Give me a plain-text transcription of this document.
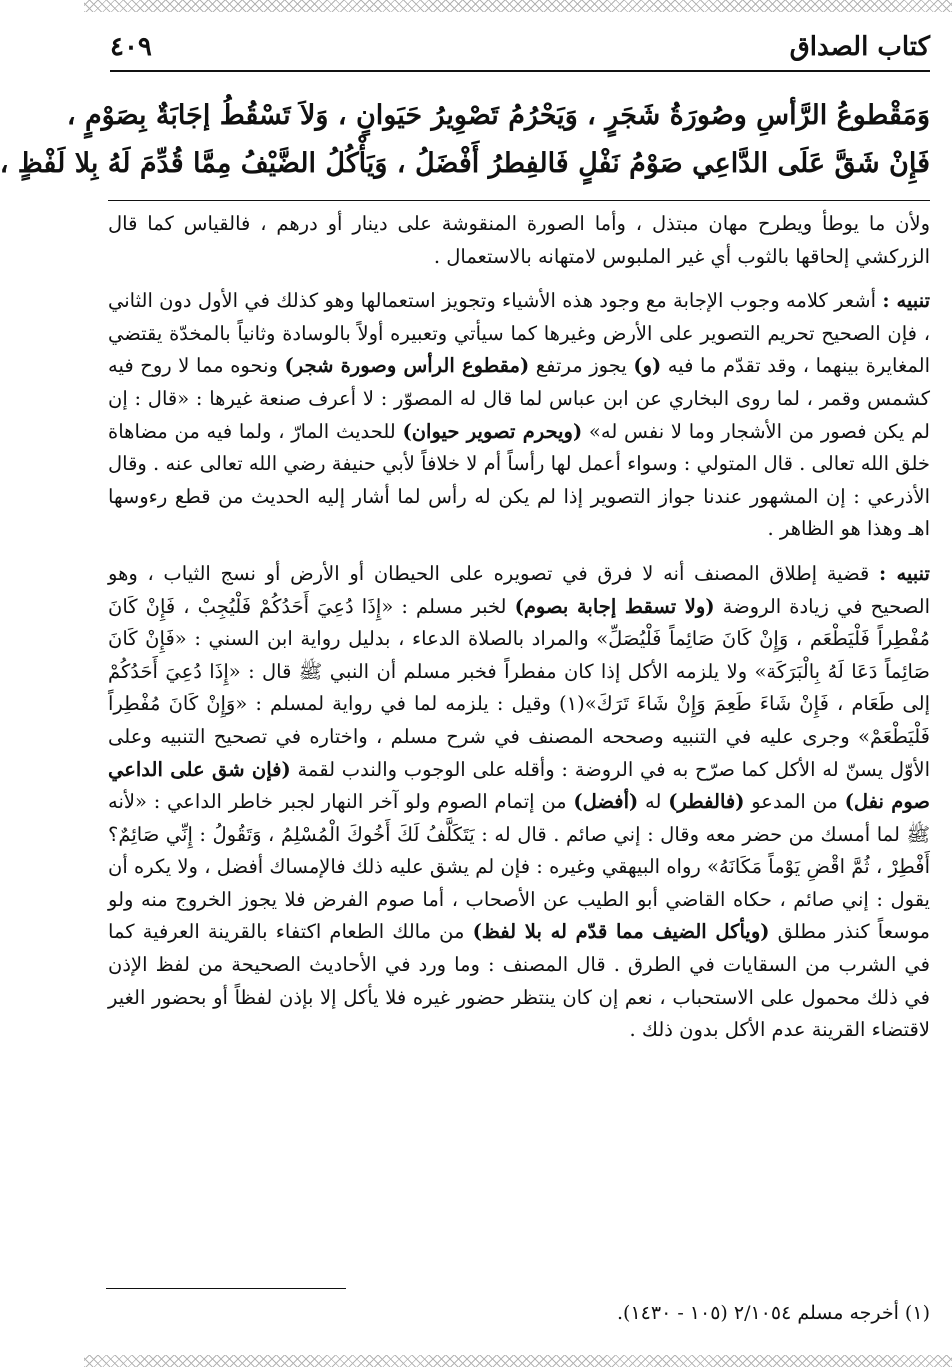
كتاب الصداق
٤٠٩
وَمَقْطوعُ الرَّأسِ وصُورَةُ شَجَرٍ ، وَيَحْرُمُ تَصْوِيرُ حَيَوانٍ ، وَلاَ تَسْقُطُ إجَابَةٌ بِصَوْمٍ ،
فَإِنْ شَقَّ عَلَى الدَّاعِي صَوْمُ نَفْلٍ فَالفِطرُ أَفْضَلُ ، وَيَأْكُلُ الضَّيْفُ مِمَّا قُدِّمَ لَهُ بِلا لَفْظٍ ،

ولأن ما يوطأ ويطرح مهان مبتذل ، وأما الصورة المنقوشة على دينار أو درهم ، فالقياس كما قال الزركشي إلحاقها بالثوب أي غير الملبوس لامتهانه بالاستعمال .

تنبيه : أشعر كلامه وجوب الإجابة مع وجود هذه الأشياء وتجويز استعمالها وهو كذلك في الأول دون الثاني ، فإن الصحيح تحريم التصوير على الأرض وغيرها كما سيأتي وتعبيره أولاً بالوسادة وثانياً بالمخدّة يقتضي المغايرة بينهما ، وقد تقدّم ما فيه (و) يجوز مرتفع (مقطوع الرأس وصورة شجر) ونحوه مما لا روح فيه كشمس وقمر ، لما روى البخاري عن ابن عباس لما قال له المصوّر : لا أعرف صنعة غيرها : «قال : إن لم يكن فصور من الأشجار وما لا نفس له» (ويحرم تصوير حيوان) للحديث المارّ ، ولما فيه من مضاهاة خلق الله تعالى . قال المتولي : وسواء أعمل لها رأساً أم لا خلافاً لأبي حنيفة رضي الله تعالى عنه . وقال الأذرعي : إن المشهور عندنا جواز التصوير إذا لم يكن له رأس لما أشار إليه الحديث من قطع رءوسها اهـ وهذا هو الظاهر .

تنبيه : قضية إطلاق المصنف أنه لا فرق في تصويره على الحيطان أو الأرض أو نسج الثياب ، وهو الصحيح في زيادة الروضة (ولا تسقط إجابة بصوم) لخبر مسلم : «إِذَا دُعِيَ أَحَدُكُمْ فَلْيُجِبْ ، فَإِنْ كَانَ مُفْطِراً فَلْيَطْعَم ، وَإِنْ كَانَ صَائِماً فَلْيُصَلِّ» والمراد بالصلاة الدعاء ، بدليل رواية ابن السني : «فَإِنْ كَانَ صَائِماً دَعَا لَهُ بِالْبَرَكَة» ولا يلزمه الأكل إذا كان مفطراً فخبر مسلم أن النبي ﷺ قال : «إِذَا دُعِيَ أَحَدُكُمْ إلى طَعَام ، فَإِنْ شَاءَ طَعِمَ وَإِنْ شَاءَ تَرَكَ»(١) وقيل : يلزمه لما في رواية لمسلم : «وَإِنْ كَانَ مُفْطِراً فَلْيَطْعَمْ» وجرى عليه في التنبيه وصححه المصنف في شرح مسلم ، واختاره في تصحيح التنبيه وعلى الأوّل يسنّ له الأكل كما صرّح به في الروضة : وأقله على الوجوب والندب لقمة (فإن شق على الداعي صوم نفل) من المدعو (فالفطر) له (أفضل) من إتمام الصوم ولو آخر النهار لجبر خاطر الداعي : «لأنه ﷺ لما أمسك من حضر معه وقال : إني صائم . قال له : يَتَكَلَّفُ لَكَ أَخُوكَ الْمُسْلِمُ ، وَتَقُولُ : إِنِّي صَائِمٌ؟ أَفْطِرْ ، ثُمَّ اقْضِ يَوْماً مَكَانَهُ» رواه البيهقي وغيره : فإن لم يشق عليه ذلك فالإمساك أفضل ، ولا يكره أن يقول : إني صائم ، حكاه القاضي أبو الطيب عن الأصحاب ، أما صوم الفرض فلا يجوز الخروج منه ولو موسعاً كنذر مطلق (ويأكل الضيف مما قدّم له بلا لفظ) من مالك الطعام اكتفاء بالقرينة العرفية كما في الشرب من السقايات في الطرق . قال المصنف : وما ورد في الأحاديث الصحيحة من لفظ الإذن في ذلك محمول على الاستحباب ، نعم إن كان ينتظر حضور غيره فلا يأكل إلا بإذن لفظاً أو بحضور الغير لاقتضاء القرينة عدم الأكل بدون ذلك .

(١) أخرجه مسلم ٢/١٠٥٤ (١٠٥ - ١٤٣٠).
